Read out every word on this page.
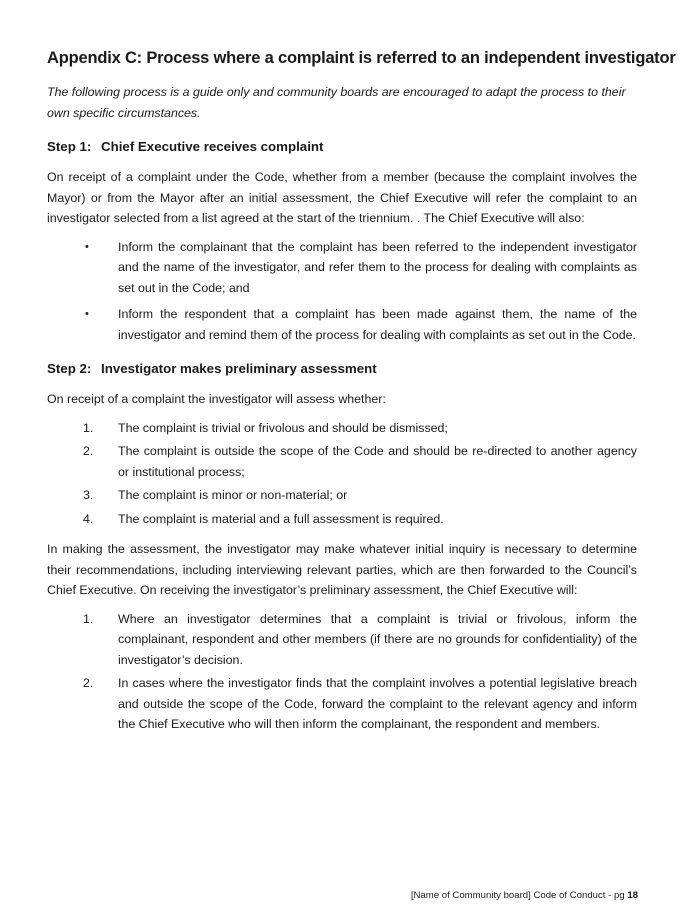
Appendix C: Process where a complaint is referred to an independent investigator

The following process is a guide only and community boards are encouraged to adapt the process to their own specific circumstances.

Step 1: Chief Executive receives complaint

On receipt of a complaint under the Code, whether from a member (because the complaint involves the Mayor) or from the Mayor after an initial assessment, the Chief Executive will refer the complaint to an investigator selected from a list agreed at the start of the triennium. . The Chief Executive will also:

• Inform the complainant that the complaint has been referred to the independent investigator and the name of the investigator, and refer them to the process for dealing with complaints as set out in the Code; and
• Inform the respondent that a complaint has been made against them, the name of the investigator and remind them of the process for dealing with complaints as set out in the Code.
Step 2: Investigator makes preliminary assessment

On receipt of a complaint the investigator will assess whether:

1. The complaint is trivial or frivolous and should be dismissed;
2. The complaint is outside the scope of the Code and should be re-directed to another agency or institutional process;
3. The complaint is minor or non-material; or
4. The complaint is material and a full assessment is required.

In making the assessment, the investigator may make whatever initial inquiry is necessary to determine their recommendations, including interviewing relevant parties, which are then forwarded to the Council’s Chief Executive. On receiving the investigator’s preliminary assessment, the Chief Executive will:

1. Where an investigator determines that a complaint is trivial or frivolous, inform the complainant, respondent and other members (if there are no grounds for confidentiality) of the investigator’s decision.
2. In cases where the investigator finds that the complaint involves a potential legislative breach and outside the scope of the Code, forward the complaint to the relevant agency and inform the Chief Executive who will then inform the complainant, the respondent and members.
[Name of Community board] Code of Conduct - pg 18
